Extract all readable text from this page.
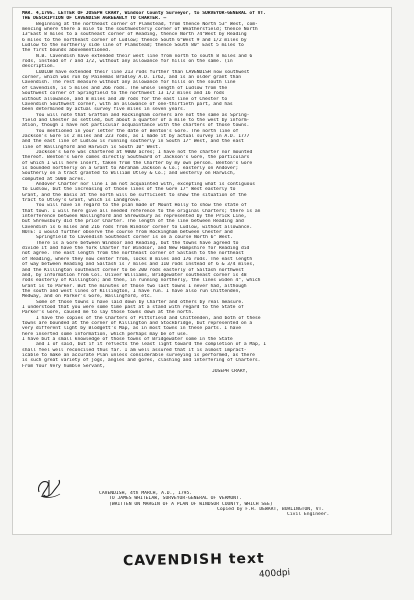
MAR. 4,1795. LETTER OF JOSEPH CRARY, Windsor County Surveyor, to SURVEYOR-GENERAL of VT.
THE DESCRIPTION OF CAVENDISH AGREEABLY TO CHARTER. —
Beginning at the northeast corner of Plamstead, from thence North 53° West, com-
mencing where there a mile to the southwesterly corner of Weathersfield; thence North
13°East 8 miles to a southeast corner of Reading, thence North 74°West by Reading
6 miles to the northeast corner of Ludlow; thence South 6°West 9 and 1/2 miles by
Ludlow to the northerly side line of Plamstead; thence South 80° East 5 miles to
the first bounds abovementioned.
N.B. Cavendish have extended their west line from north to south 8 miles and 6
rods, instead of 7 and 1/2, without any allowance for hills on the same. (in
description.
LUDLOW have extended their line 213 rods further than CAVENDISH now southwest
corner, which was run by Painemas Bradley A.D. 1762, and is an older grant than
Cavendish. The rest measure without any allowance for hills on the south line
of Cavendish, is 5 miles and 266 rods. The whole length of Ludlow from the
Southwest corner of Springfield to the northwest 13 1/2 miles and 16 rods
without allowance, and 8 miles and 30 rods for the east line of Chester to
Cavendish Southwest corner, with an allowance of one-thirtieth part, and has
been determined by actual survey five miles in seven years.
You will note that Grafton and Rockingham corners are not the same as Spring-
field and Chester as settled, but about a quarter of a mile to the west by inform-
ation, though I have not particular acquaintance with the charters of those towns.
You mentioned in your letter the date of Benton's Gore. The north line of
Jackson's Gore is 2 miles and 223 rods, as I made it by actual survey in A.D. 1777
and the east line of Ludlow is running southerly in South 17° West, and the east
line of Wallingford and Harwich is South 10° West.
Jackson's Gore was chartered at 9000 acres; I have not the charter nor mounted
thereof. Benton's Gore comes directly Southward of Jackson's Gore, the particulars
of which I will here insert, taken from the Charter by my own person. Benton's Gore
is bounded northerly on a Grant to Abraham Jackson & Co.; easterly on Andover;
Southerly on a tract granted to William Utley & Co.; and westerly on Harwich,
computed at 5000 acres.
Andover Charter nor line I am not acquainted with, excepting what is contiguous
to Ludlow, but the increasing of those lines of the Gore 17° West easterly to
Grant, and the Basis at the north will be sufficient to show the situation of the
tract to Utley's Grant, which is Landgrove.
You will have in regard to the plan made of Mount Holly to show the state of
that town. I will here give all needed reference to the original Charters; there is an
interference between Wallingford and Shrewsbury as represented by the Prick Line,
but Shrewsbury did the prior Charter. The length of the line between Reading and
Cavendish is 6 miles and 216 rods from Windsor corner to Ludlow, without allowance.
NOTE: I would further observe the course from Rockingham between Chester and
Springfield to Cavendish Southeast corner is on a course North 6° West.
There is a Gore between Windsor and Reading, but the towns have agreed to
divide it and have the York Charter for Windsor, and New Hampshire for Reading did
not agree. The east length from the northeast corner of Saltash to the northeast
of Reading, where they now center from, locks 8 miles and 176 rods. The east length
of way between Reading and Saltash is 7 miles and 110 rods instead of 6 & 3/4 miles,
and the Killington southeast corner to be 200 rods easterly of Saltash northwest
and, by information from Col. Oliver Williams, Bridgewater southeast corner is 48
rods easterly of Killington; and then, in running northerly, the lines widen 4°, which
Grant is to Parker. But the minutes of those two last towns I never had, although
the south and west lines of Killington, I have run. I have also run Chittenden,
Medway, and on Parker's Gore, Wallingford, etc.
Some of those towns I have laid down by Charter and others by real measure.
I understood that you were some time past at a stand with regard to the State of
Parker's Gore, caused me to lay those towns down at the north.
I have the copies of the Charters of Pittsfield and Chittenden, and both of these
towns are bounded at the corner of Killington and Stockbridge, but represented on a
very different light by Blodgett's Map, as in most towns in these parts. I have
here inserted some information, which perhaps may be of use.
I have but a small knowledge of those towns of Bridgewater some in the State
and I of said, but if it reflects the least light toward the completion of a Map, I
shall feel well reconciled thus far. I am well assured that it is almost impract-
icable to make an accurate Plan unless considerable surveying is performed, as there
is such great variety of jogs, angles and gores, clashing and interfering of Charters.
From Your Very humble Servant,
JOSEPH CRARY,
CAVENDISH, 4th MARCH, A.D., 1795.
TO JAMES WHITELAW, SURVEYOR-GENERAL OF VERMONT.
(WRITTEN ON MARGIN OF A PLAN OF WINDSOR COUNTY, WHICH SEE)
Copied by F.H. DEWART, BURLINGTON, VT.
Civil Engineer.
CAVENDISH text
400dpi
